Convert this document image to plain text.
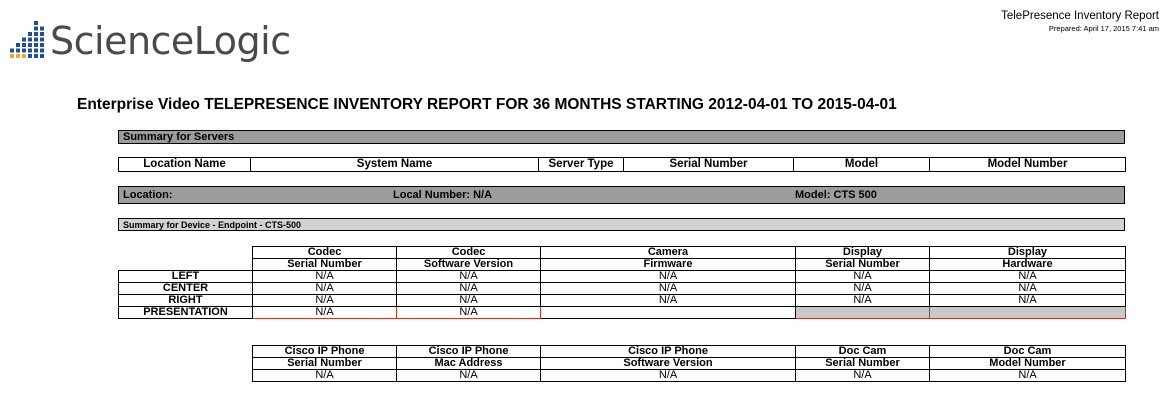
ScienceLogic
TelePresence Inventory Report
Prepared: April 17, 2015 7:41 am
Enterprise Video TELEPRESENCE INVENTORY REPORT FOR 36 MONTHS STARTING 2012-04-01 TO 2015-04-01
Summary for Servers
Location Name	System Name	Server Type	Serial Number	Model	Model Number
Location:	Local Number: N/A	Model: CTS 500
Summary for Device - Endpoint - CTS-500
	Codec	Codec	Camera	Display	Display
	Serial Number	Software Version	Firmware	Serial Number	Hardware
LEFT	N/A	N/A	N/A	N/A	N/A
CENTER	N/A	N/A	N/A	N/A	N/A
RIGHT	N/A	N/A	N/A	N/A	N/A
PRESENTATION	N/A	N/A			
Cisco IP Phone	Cisco IP Phone	Cisco IP Phone	Doc Cam	Doc Cam
Serial Number	Mac Address	Software Version	Serial Number	Model Number
N/A	N/A	N/A	N/A	N/A
